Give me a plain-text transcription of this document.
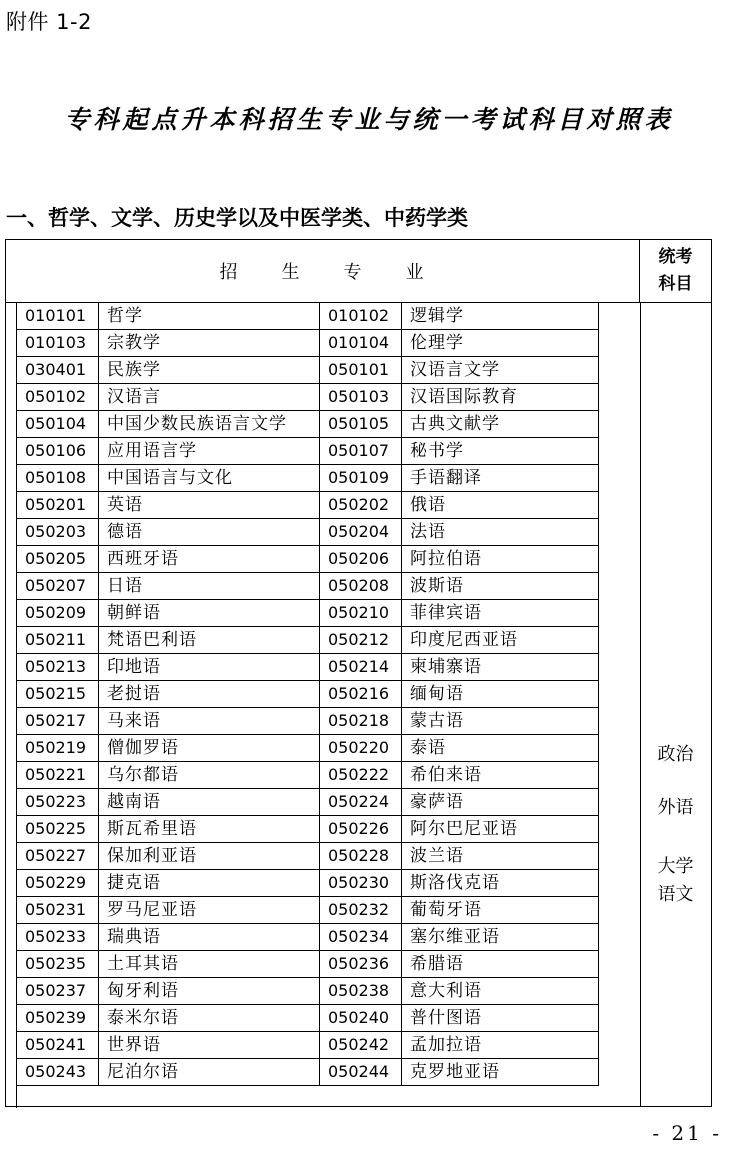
附件 1-2
专科起点升本科招生专业与统一考试科目对照表
一、哲学、文学、历史学以及中医学类、中药学类
招 生 专 业
统考
科目
010101	哲学	010102	逻辑学
010103	宗教学	010104	伦理学
030401	民族学	050101	汉语言文学
050102	汉语言	050103	汉语国际教育
050104	中国少数民族语言文学	050105	古典文献学
050106	应用语言学	050107	秘书学
050108	中国语言与文化	050109	手语翻译
050201	英语	050202	俄语
050203	德语	050204	法语
050205	西班牙语	050206	阿拉伯语
050207	日语	050208	波斯语
050209	朝鲜语	050210	菲律宾语
050211	梵语巴利语	050212	印度尼西亚语
050213	印地语	050214	柬埔寨语
050215	老挝语	050216	缅甸语
050217	马来语	050218	蒙古语
050219	僧伽罗语	050220	泰语
050221	乌尔都语	050222	希伯来语
050223	越南语	050224	豪萨语
050225	斯瓦希里语	050226	阿尔巴尼亚语
050227	保加利亚语	050228	波兰语
050229	捷克语	050230	斯洛伐克语
050231	罗马尼亚语	050232	葡萄牙语
050233	瑞典语	050234	塞尔维亚语
050235	土耳其语	050236	希腊语
050237	匈牙利语	050238	意大利语
050239	泰米尔语	050240	普什图语
050241	世界语	050242	孟加拉语
050243	尼泊尔语	050244	克罗地亚语
政治
外语
大学
语文
- 21 -
